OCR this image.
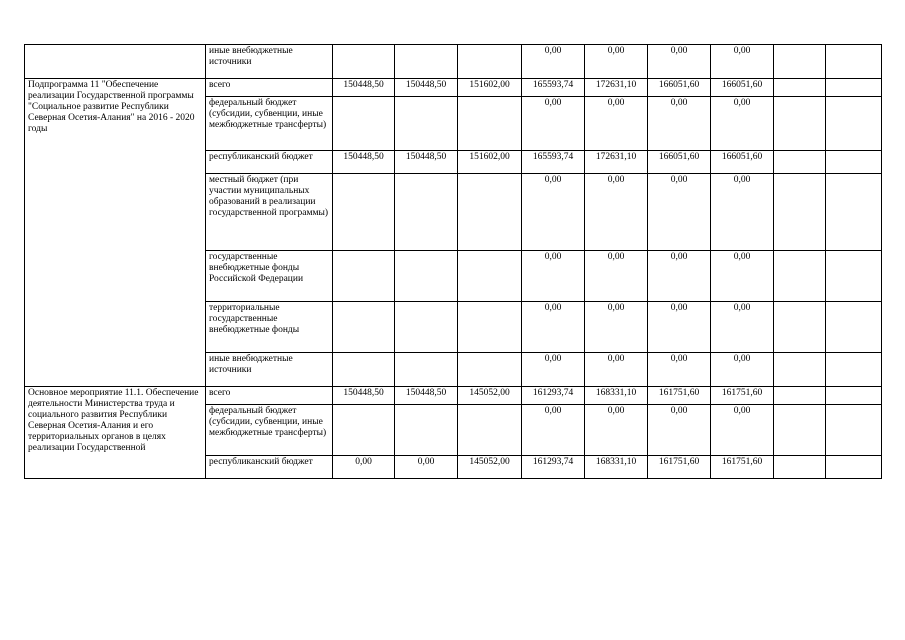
	иные внебюджетные источники				0,00	0,00	0,00	0,00		
Подпрограмма 11 "Обеспечение реализации Государственной программы "Социальное развитие Республики Северная Осетия-Алания" на 2016 - 2020 годы	всего	150448,50	150448,50	151602,00	165593,74	172631,10	166051,60	166051,60		
	федеральный бюджет (субсидии, субвенции, иные межбюджетные трансферты)				0,00	0,00	0,00	0,00		
	республиканский бюджет	150448,50	150448,50	151602,00	165593,74	172631,10	166051,60	166051,60		
	местный бюджет (при участии муниципальных образований в реализации государственной программы)				0,00	0,00	0,00	0,00		
	государственные внебюджетные фонды Российской Федерации				0,00	0,00	0,00	0,00		
	территориальные государственные внебюджетные фонды				0,00	0,00	0,00	0,00		
	иные внебюджетные источники				0,00	0,00	0,00	0,00		
Основное мероприятие 11.1. Обеспечение деятельности Министерства труда и социального развития Республики Северная Осетия-Алания и его территориальных органов в целях реализации Государственной	всего	150448,50	150448,50	145052,00	161293,74	168331,10	161751,60	161751,60		
	федеральный бюджет (субсидии, субвенции, иные межбюджетные трансферты)				0,00	0,00	0,00	0,00		
	республиканский бюджет	0,00	0,00	145052,00	161293,74	168331,10	161751,60	161751,60		
